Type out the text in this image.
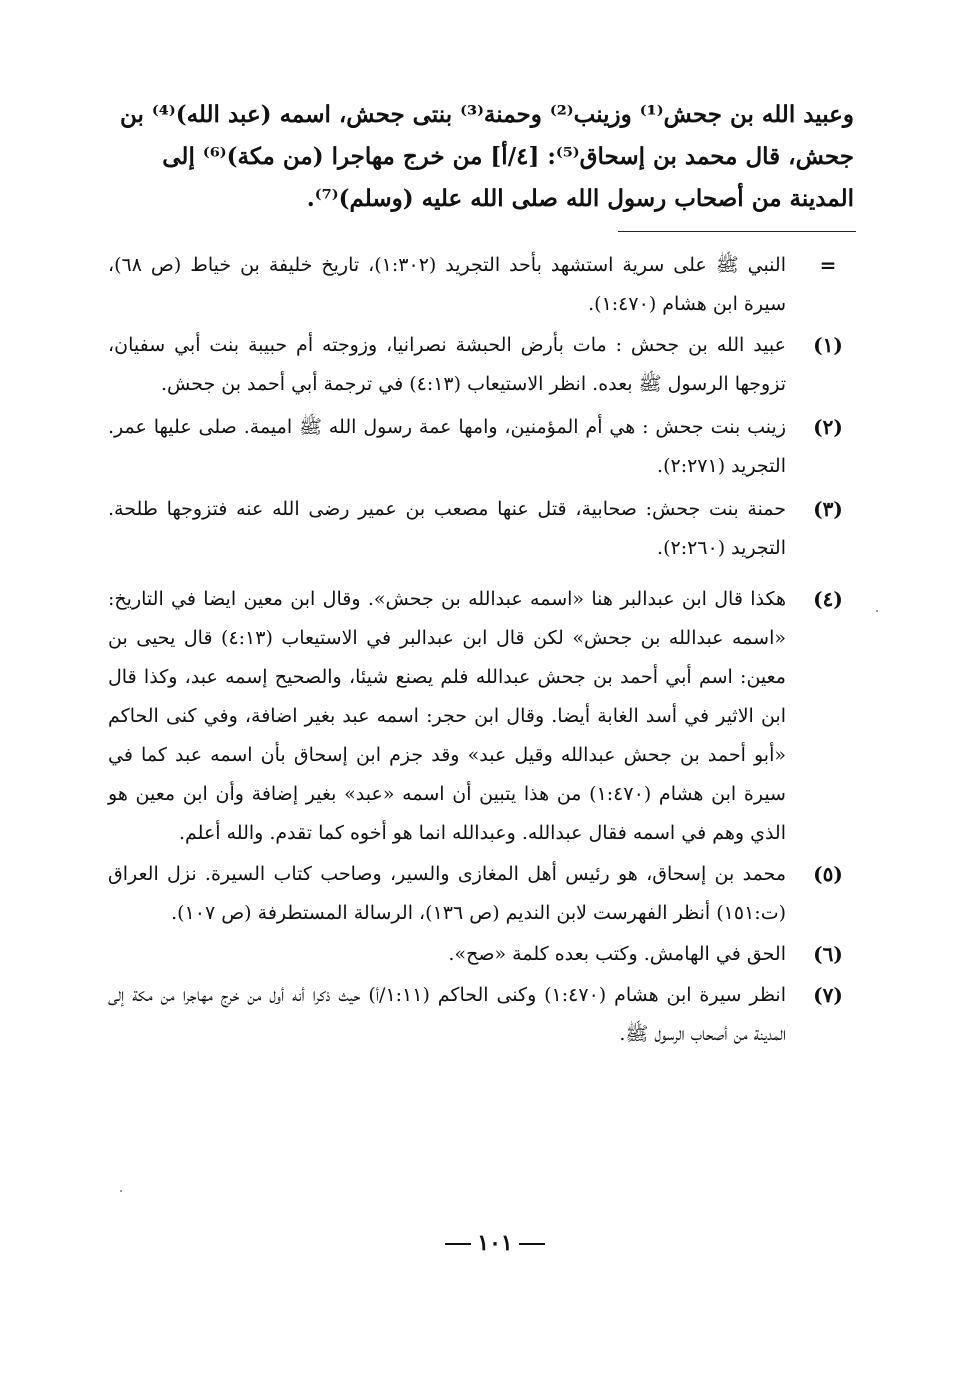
وعبيد الله بن جحش⁽¹⁾ وزينب⁽²⁾ وحمنة⁽³⁾ بنتى جحش، اسمه (عبد الله)⁽⁴⁾ بن
جحش، قال محمد بن إسحاق⁽⁵⁾: [٤/أ] من خرج مهاجرا (من مكة)⁽⁶⁾ إلى
المدينة من أصحاب رسول الله صلى الله عليه (وسلم)⁽⁷⁾.
=
النبي ﷺ على سرية استشهد بأحد التجريد (١:٣٠٢)، تاريخ خليفة بن خياط (ص ٦٨)، سيرة ابن هشام (١:٤٧٠).
(١)
عبيد الله بن جحش : مات بأرض الحبشة نصرانيا، وزوجته أم حبيبة بنت أبي سفيان، تزوجها الرسول ﷺ بعده. انظر الاستيعاب (٤:١٣) في ترجمة أبي أحمد بن جحش.
(٢)
زينب بنت جحش : هي أم المؤمنين، وامها عمة رسول الله ﷺ اميمة. صلى عليها عمر. التجريد (٢:٢٧١).
(٣)
حمنة بنت جحش: صحابية، قتل عنها مصعب بن عمير رضى الله عنه فتزوجها طلحة. التجريد (٢:٢٦٠).
(٤)
هكذا قال ابن عبدالبر هنا «اسمه عبدالله بن جحش». وقال ابن معين ايضا في التاريخ: «اسمه عبدالله بن جحش» لكن قال ابن عبدالبر في الاستيعاب (٤:١٣) قال يحيى بن معين: اسم أبي أحمد بن جحش عبدالله فلم يصنع شيئا، والصحيح إسمه عبد، وكذا قال ابن الاثير في أسد الغابة أيضا. وقال ابن حجر: اسمه عبد بغير اضافة، وفي كنى الحاكم «أبو أحمد بن جحش عبدالله وقيل عبد» وقد جزم ابن إسحاق بأن اسمه عبد كما في سيرة ابن هشام (١:٤٧٠) من هذا يتبين أن اسمه «عبد» بغير إضافة وأن ابن معين هو الذي وهم في اسمه فقال عبدالله. وعبدالله انما هو أخوه كما تقدم. والله أعلم.
(٥)
محمد بن إسحاق، هو رئيس أهل المغازى والسير، وصاحب كتاب السيرة. نزل العراق (ت:١٥١) أنظر الفهرست لابن النديم (ص ١٣٦)، الرسالة المستطرفة (ص ١٠٧).
(٦)
الحق في الهامش. وكتب بعده كلمة «صح».
(٧)
انظر سيرة ابن هشام (١:٤٧٠) وكنى الحاكم (١:١١/أ) حيث ذكرا أنه أول من خرج مهاجرا من مكة إلى المدينة من أصحاب الرسول ﷺ.
١٠١
